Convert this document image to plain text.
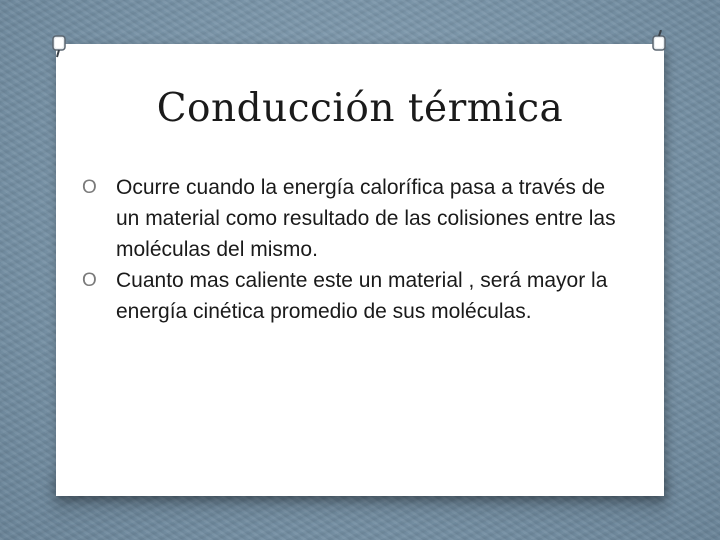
Conducción térmica
O Ocurre cuando la energía calorífica pasa a través de un material como resultado de las colisiones entre las moléculas del mismo.
O Cuanto mas caliente este un material , será mayor la energía cinética promedio de sus moléculas.
